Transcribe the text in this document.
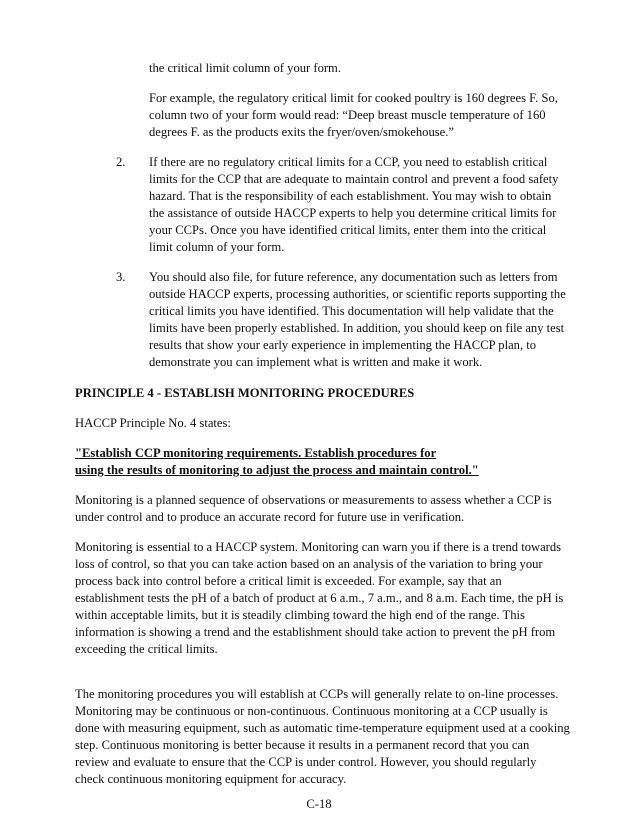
the critical limit column of your form.
For example, the regulatory critical limit for cooked poultry is 160 degrees F. So,
column two of your form would read: “Deep breast muscle temperature of 160
degrees F. as the products exits the fryer/oven/smokehouse.”
2. If there are no regulatory critical limits for a CCP, you need to establish critical
limits for the CCP that are adequate to maintain control and prevent a food safety
hazard. That is the responsibility of each establishment. You may wish to obtain
the assistance of outside HACCP experts to help you determine critical limits for
your CCPs. Once you have identified critical limits, enter them into the critical
limit column of your form.
3. You should also file, for future reference, any documentation such as letters from
outside HACCP experts, processing authorities, or scientific reports supporting the
critical limits you have identified. This documentation will help validate that the
limits have been properly established. In addition, you should keep on file any test
results that show your early experience in implementing the HACCP plan, to
demonstrate you can implement what is written and make it work.
PRINCIPLE 4 - ESTABLISH MONITORING PROCEDURES
HACCP Principle No. 4 states:
"Establish CCP monitoring requirements. Establish procedures for
using the results of monitoring to adjust the process and maintain control."
Monitoring is a planned sequence of observations or measurements to assess whether a CCP is
under control and to produce an accurate record for future use in verification.
Monitoring is essential to a HACCP system. Monitoring can warn you if there is a trend towards
loss of control, so that you can take action based on an analysis of the variation to bring your
process back into control before a critical limit is exceeded. For example, say that an
establishment tests the pH of a batch of product at 6 a.m., 7 a.m., and 8 a.m. Each time, the pH is
within acceptable limits, but it is steadily climbing toward the high end of the range. This
information is showing a trend and the establishment should take action to prevent the pH from
exceeding the critical limits.
The monitoring procedures you will establish at CCPs will generally relate to on-line processes.
Monitoring may be continuous or non-continuous. Continuous monitoring at a CCP usually is
done with measuring equipment, such as automatic time-temperature equipment used at a cooking
step. Continuous monitoring is better because it results in a permanent record that you can
review and evaluate to ensure that the CCP is under control. However, you should regularly
check continuous monitoring equipment for accuracy.
C-18
